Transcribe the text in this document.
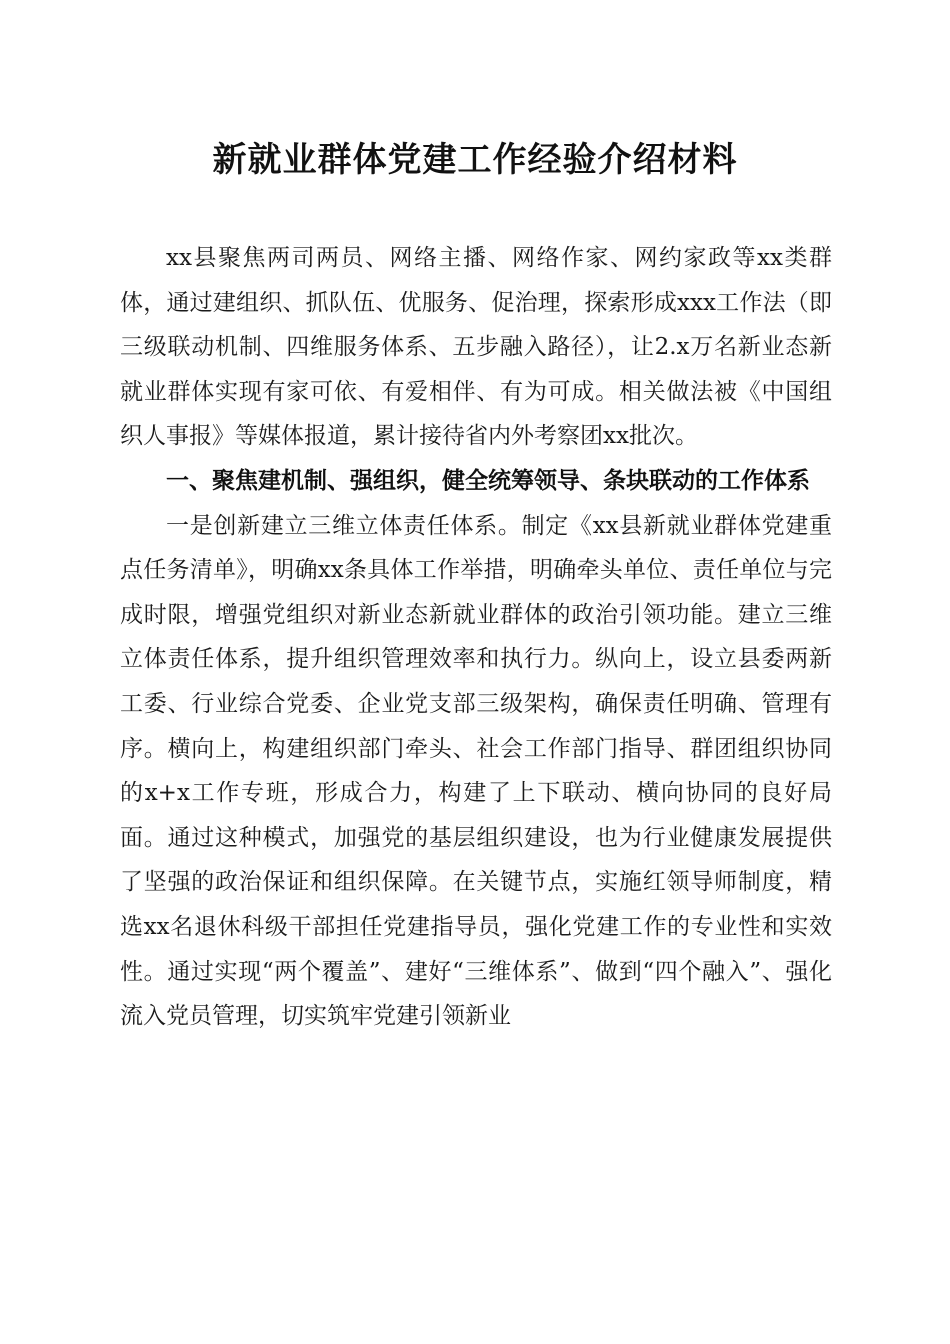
新就业群体党建工作经验介绍材料

xx县聚焦两司两员、网络主播、网络作家、网约家政等xx类群体，通过建组织、抓队伍、优服务、促治理，探索形成xxx工作法（即三级联动机制、四维服务体系、五步融入路径），让2.x万名新业态新就业群体实现有家可依、有爱相伴、有为可成。相关做法被《中国组织人事报》等媒体报道，累计接待省内外考察团xx批次。

一、聚焦建机制、强组织，健全统筹领导、条块联动的工作体系

一是创新建立三维立体责任体系。制定《xx县新就业群体党建重点任务清单》，明确xx条具体工作举措，明确牵头单位、责任单位与完成时限，增强党组织对新业态新就业群体的政治引领功能。建立三维立体责任体系，提升组织管理效率和执行力。纵向上，设立县委两新工委、行业综合党委、企业党支部三级架构，确保责任明确、管理有序。横向上，构建组织部门牵头、社会工作部门指导、群团组织协同的x+x工作专班，形成合力，构建了上下联动、横向协同的良好局面。通过这种模式，加强党的基层组织建设，也为行业健康发展提供了坚强的政治保证和组织保障。在关键节点，实施红领导师制度，精选xx名退休科级干部担任党建指导员，强化党建工作的专业性和实效性。通过实现“两个覆盖”、建好“三维体系”、做到“四个融入”、强化流入党员管理，切实筑牢党建引领新业
